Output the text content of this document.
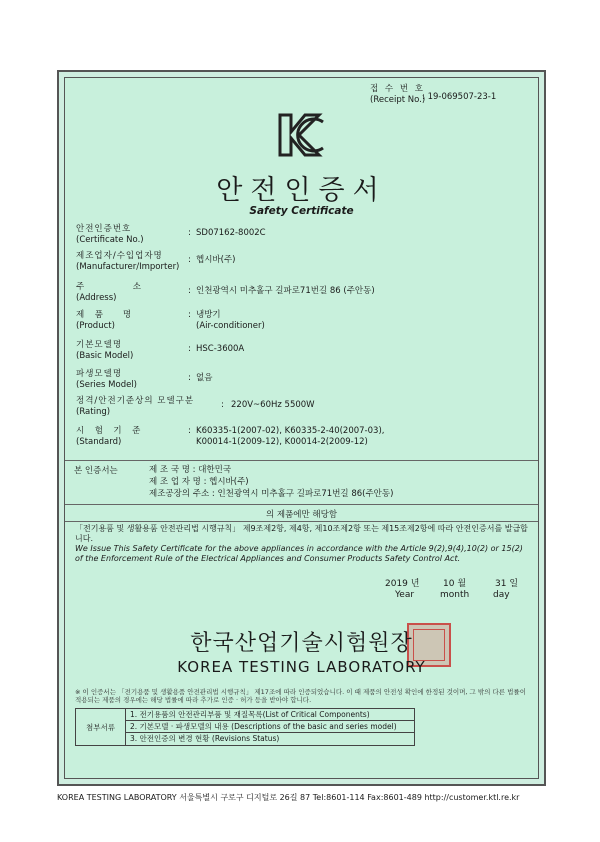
접 수 번 호
(Receipt No.)
: 19-069507-23-1
안전인증서
Safety Certificate
안전인증번호
(Certificate No.)
: SD07162-8002C
제조업자/수입업자명
(Manufacturer/Importer)
: 헵시바(주)
주　　　　　소
(Address)
: 인천광역시 미추홀구 길파로71번길 86 (주안동)
제　품　　명
(Product)
: 냉방기
(Air-conditioner)
기본모델명
(Basic Model)
: HSC-3600A
파생모델명
(Series Model)
: 없음
정격/안전기준상의 모델구분
(Rating)
: 220V~60Hz 5500W
시　험　기　준
(Standard)
: K60335-1(2007-02), K60335-2-40(2007-03),
K00014-1(2009-12), K00014-2(2009-12)
본 인증서는	제 조 국 명 : 대한민국
제 조 업 자 명 : 헵시바(주)
제조공장의 주소 : 인천광역시 미추홀구 길파로71번길 86(주안동)
의 제품에만 해당함
「전기용품 및 생활용품 안전관리법 시행규칙」 제9조제2항, 제4항, 제10조제2항 또는 제15조제2항에 따라 안전인증서를 발급합니다.
We Issue This Safety Certificate for the above appliances in accordance with the Article 9(2),9(4),10(2) or 15(2) of the Enforcement Rule of the Electrical Appliances and Consumer Products Safety Control Act.
2019 년	10 월	31 일
Year	month	day
한국산업기술시험원장
KOREA TESTING LABORATORY
※ 이 인증서는 「전기용품 및 생활용품 안전관리법 시행규칙」 제17조에 따라 인증되었습니다. 이 때 제품의 안전성 확인에 한정된 것이며, 그 밖의 다른 법률이 적용되는 제품의 경우에는 해당 법률에 따라 추가로 인증 · 허가 등을 받아야 합니다.
첨부서류
1. 전기용품의 안전관리부품 및 재질목록(List of Critical Components)
2. 기본모델 · 파생모델의 내용 (Descriptions of the basic and series model)
3. 안전인증의 변경 현황 (Revisions Status)
KOREA TESTING LABORATORY 서울특별시 구로구 디지털로 26길 87 Tel:8601-114 Fax:8601-489 http://customer.ktl.re.kr
